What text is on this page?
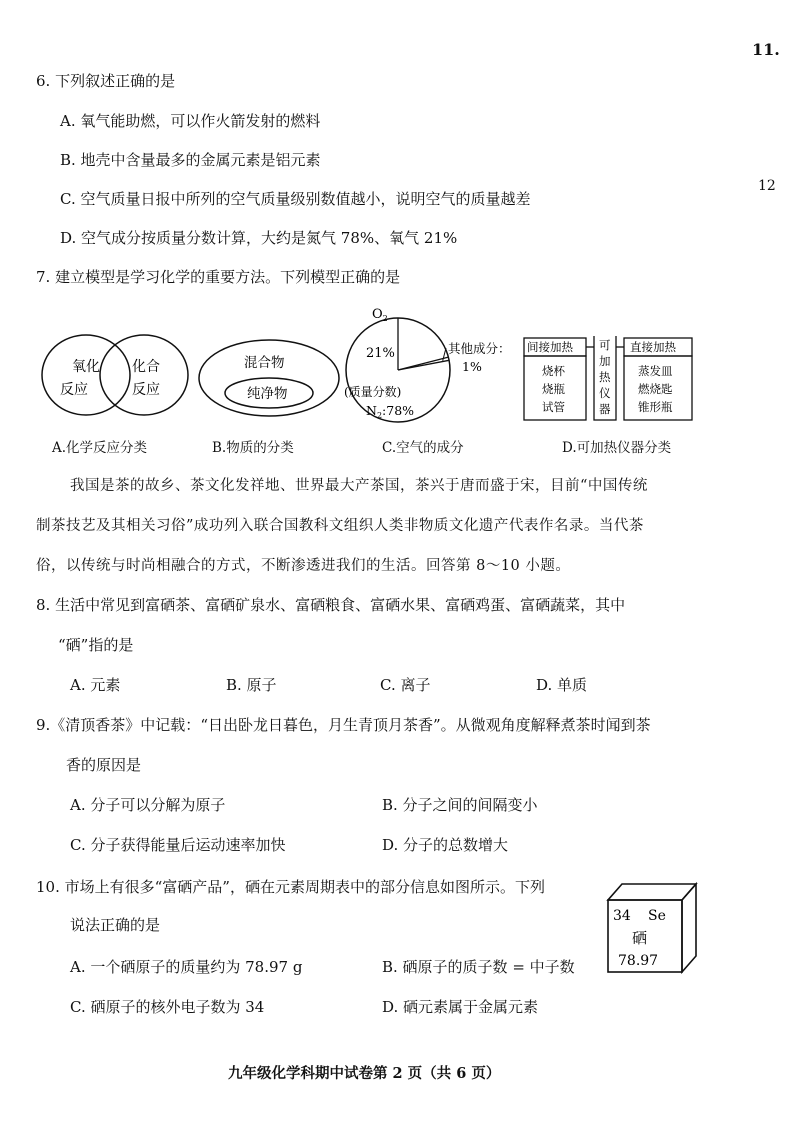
11.
12
6. 下列叙述正确的是
A. 氧气能助燃，可以作火箭发射的燃料
B. 地壳中含量最多的金属元素是铝元素
C. 空气质量日报中所列的空气质量级别数值越小，说明空气的质量越差
D. 空气成分按质量分数计算，大约是氮气 78%、氧气 21%
7. 建立模型是学习化学的重要方法。下列模型正确的是
氧化
反应
化合
反应
A.化学反应分类
混合物
纯净物
B.物质的分类
$O_2$
21%	其他成分：
1%
(质量分数)
$N_2:78\%$
C.空气的成分
间接加热
烧杯
烧瓶
试管
可
加
热
仪
器
直接加热
蒸发皿
燃烧匙
锥形瓶
D.可加热仪器分类
我国是茶的故乡、茶文化发祥地、世界最大产茶国，茶兴于唐而盛于宋，目前“中国传统
制茶技艺及其相关习俗”成功列入联合国教科文组织人类非物质文化遗产代表作名录。当代茶
俗，以传统与时尚相融合的方式，不断渗透进我们的生活。回答第 8～10 小题。
8. 生活中常见到富硒茶、富硒矿泉水、富硒粮食、富硒水果、富硒鸡蛋、富硒蔬菜，其中
“硒”指的是
A. 元素	B. 原子	C. 离子	D. 单质
9.《清顶香茶》中记载：“日出卧龙日暮色，月生青顶月茶香”。从微观角度解释煮茶时闻到茶
香的原因是
A. 分子可以分解为原子	B. 分子之间的间隔变小
C. 分子获得能量后运动速率加快	D. 分子的总数增大
10. 市场上有很多“富硒产品”，硒在元素周期表中的部分信息如图所示。下列
说法正确的是
A. 一个硒原子的质量约为 78.97 g	B. 硒原子的质子数 = 中子数
C. 硒原子的核外电子数为 34	D. 硒元素属于金属元素
34 Se
硒
78.97
九年级化学科期中试卷第 2 页（共 6 页）
